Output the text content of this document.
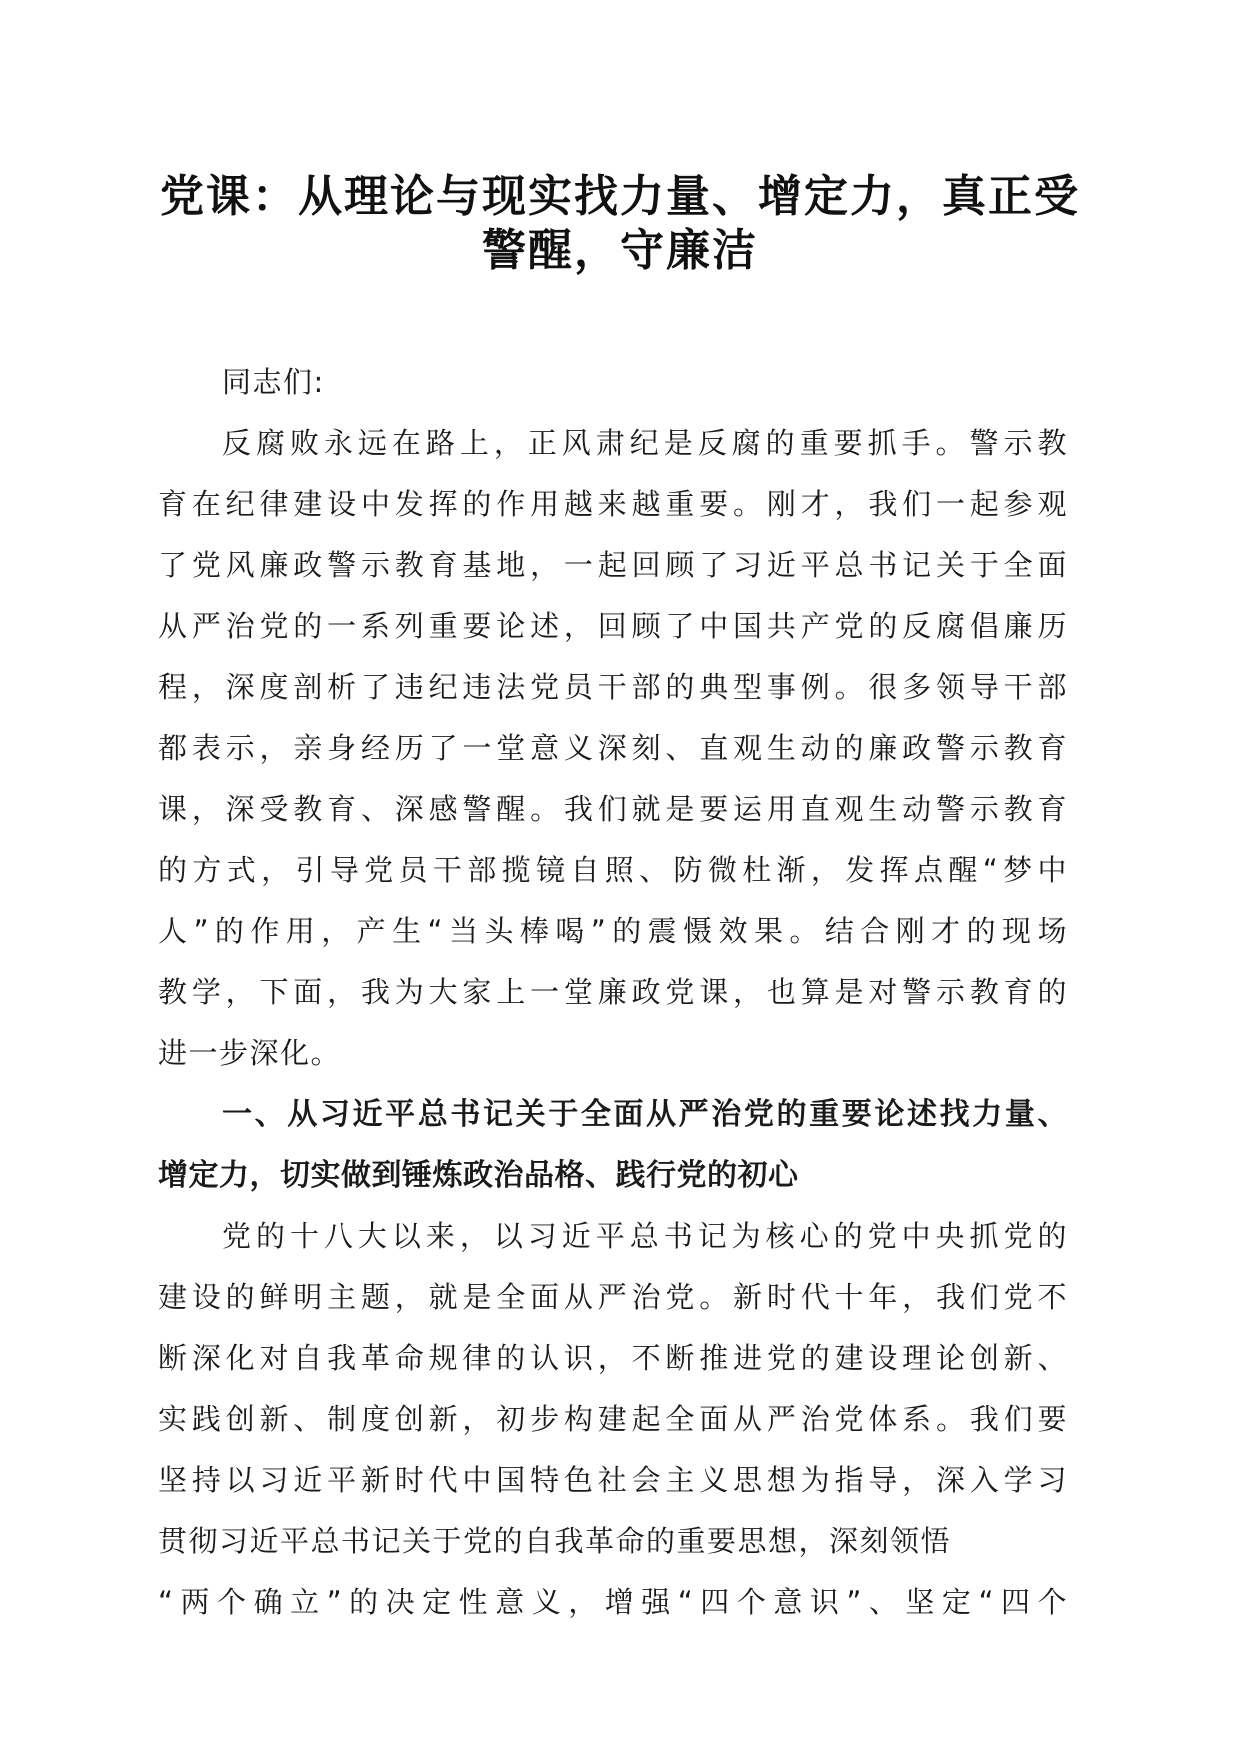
党课：从理论与现实找力量、增定力，真正受
警醒，守廉洁
同志们:
反腐败永远在路上，正风肃纪是反腐的重要抓手。警示教
育在纪律建设中发挥的作用越来越重要。刚才，我们一起参观
了党风廉政警示教育基地，一起回顾了习近平总书记关于全面
从严治党的一系列重要论述，回顾了中国共产党的反腐倡廉历
程，深度剖析了违纪违法党员干部的典型事例。很多领导干部
都表示，亲身经历了一堂意义深刻、直观生动的廉政警示教育
课，深受教育、深感警醒。我们就是要运用直观生动警示教育
的方式，引导党员干部揽镜自照、防微杜渐，发挥点醒“梦中
人”的作用，产生“当头棒喝”的震慑效果。结合刚才的现场
教学，下面，我为大家上一堂廉政党课，也算是对警示教育的
进一步深化。
一、从习近平总书记关于全面从严治党的重要论述找力量、
增定力，切实做到锤炼政治品格、践行党的初心
党的十八大以来，以习近平总书记为核心的党中央抓党的
建设的鲜明主题，就是全面从严治党。新时代十年，我们党不
断深化对自我革命规律的认识，不断推进党的建设理论创新、
实践创新、制度创新，初步构建起全面从严治党体系。我们要
坚持以习近平新时代中国特色社会主义思想为指导，深入学习
贯彻习近平总书记关于党的自我革命的重要思想，深刻领悟
“两个确立”的决定性意义，增强“四个意识”、坚定“四个
